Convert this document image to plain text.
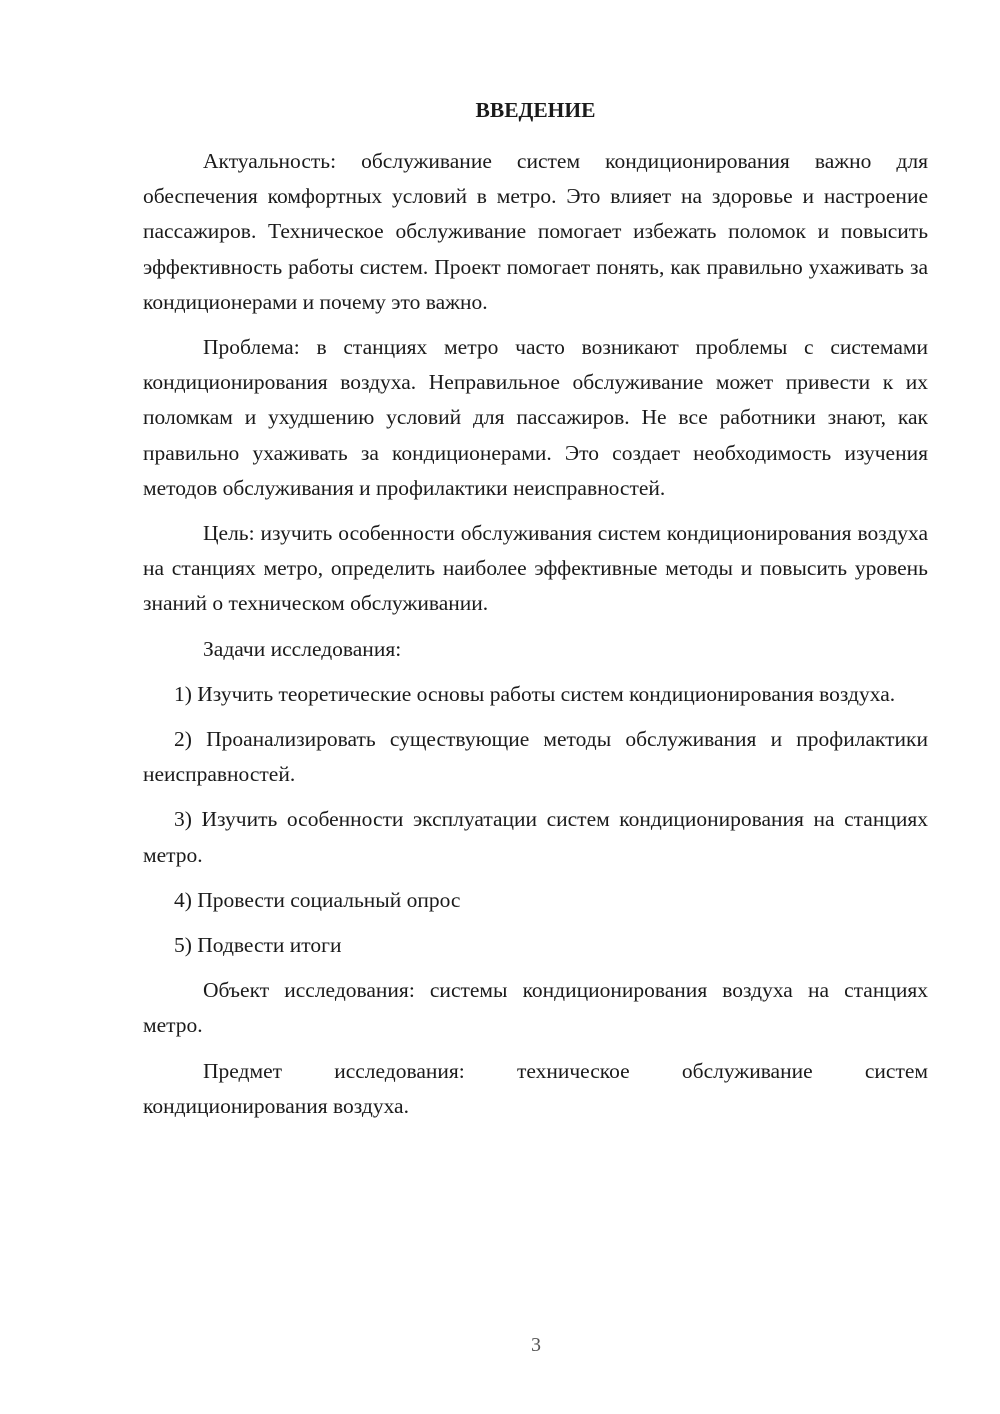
ВВЕДЕНИЕ

Актуальность: обслуживание систем кондиционирования важно для обеспечения комфортных условий в метро. Это влияет на здоровье и настроение пассажиров. Техническое обслуживание помогает избежать поломок и повысить эффективность работы систем. Проект помогает понять, как правильно ухаживать за кондиционерами и почему это важно.

Проблема: в станциях метро часто возникают проблемы с системами кондиционирования воздуха. Неправильное обслуживание может привести к их поломкам и ухудшению условий для пассажиров. Не все работники знают, как правильно ухаживать за кондиционерами. Это создает необходимость изучения методов обслуживания и профилактики неисправностей.

Цель: изучить особенности обслуживания систем кондиционирования воздуха на станциях метро, определить наиболее эффективные методы и повысить уровень знаний о техническом обслуживании.

Задачи исследования:

1) Изучить теоретические основы работы систем кондиционирования воздуха.

2) Проанализировать существующие методы обслуживания и профилактики неисправностей.

3) Изучить особенности эксплуатации систем кондиционирования на станциях метро.

4) Провести социальный опрос

5) Подвести итоги

Объект исследования: системы кондиционирования воздуха на станциях метро.

Предмет исследования: техническое обслуживание систем кондиционирования воздуха.

3
